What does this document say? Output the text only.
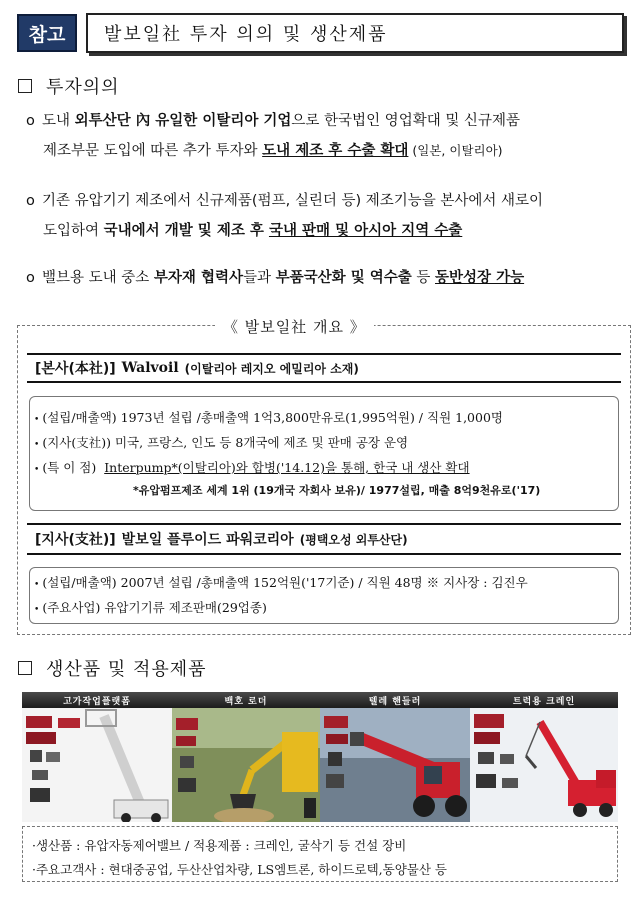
참고	발보일社 투자 의의 및 생산제품
투자의의
o 도내 외투산단 內 유일한 이탈리아 기업으로 한국법인 영업확대 및 신규제품
제조부문 도입에 따른 추가 투자와 도내 제조 후 수출 확대 (일본, 이탈리아)
o 기존 유압기기 제조에서 신규제품(펌프, 실린더 등) 제조기능을 본사에서 새로이
도입하여 국내에서 개발 및 제조 후 국내 판매 및 아시아 지역 수출
o 밸브용 도내 중소 부자재 협력사들과 부품국산화 및 역수출 등 동반성장 가능
《 발보일社 개요 》
[본사(本社)] Walvoil (이탈리아 레지오 에밀리아 소재)
• (설립/매출액) 1973년 설립 /총매출액 1억3,800만유로(1,995억원) / 직원 1,000명
• (지사(支社)) 미국, 프랑스, 인도 등 8개국에 제조 및 판매 공장 운영
• (특 이 점) Interpump*(이탈리아)와 합병('14.12)을 통해, 한국 내 생산 확대
*유압펌프제조 세계 1위 (19개국 자회사 보유)/ 1977설립, 매출 8억9천유로('17)
[지사(支社)] 발보일 플루이드 파워코리아 (평택오성 외투산단)
• (설립/매출액) 2007년 설립 /총매출액 152억원('17기준) / 직원 48명 ※ 지사장 : 김진우
• (주요사업) 유압기기류 제조판매(29업종)
생산품 및 적용제품
고가작업플랫폼	백호 로더	텔레 핸들러	트럭용 크레인
·생산품 : 유압자동제어밸브 / 적용제품 : 크레인, 굴삭기 등 건설 장비
·주요고객사 : 현대중공업, 두산산업차량, LS엠트론, 하이드로텍,동양물산 등
